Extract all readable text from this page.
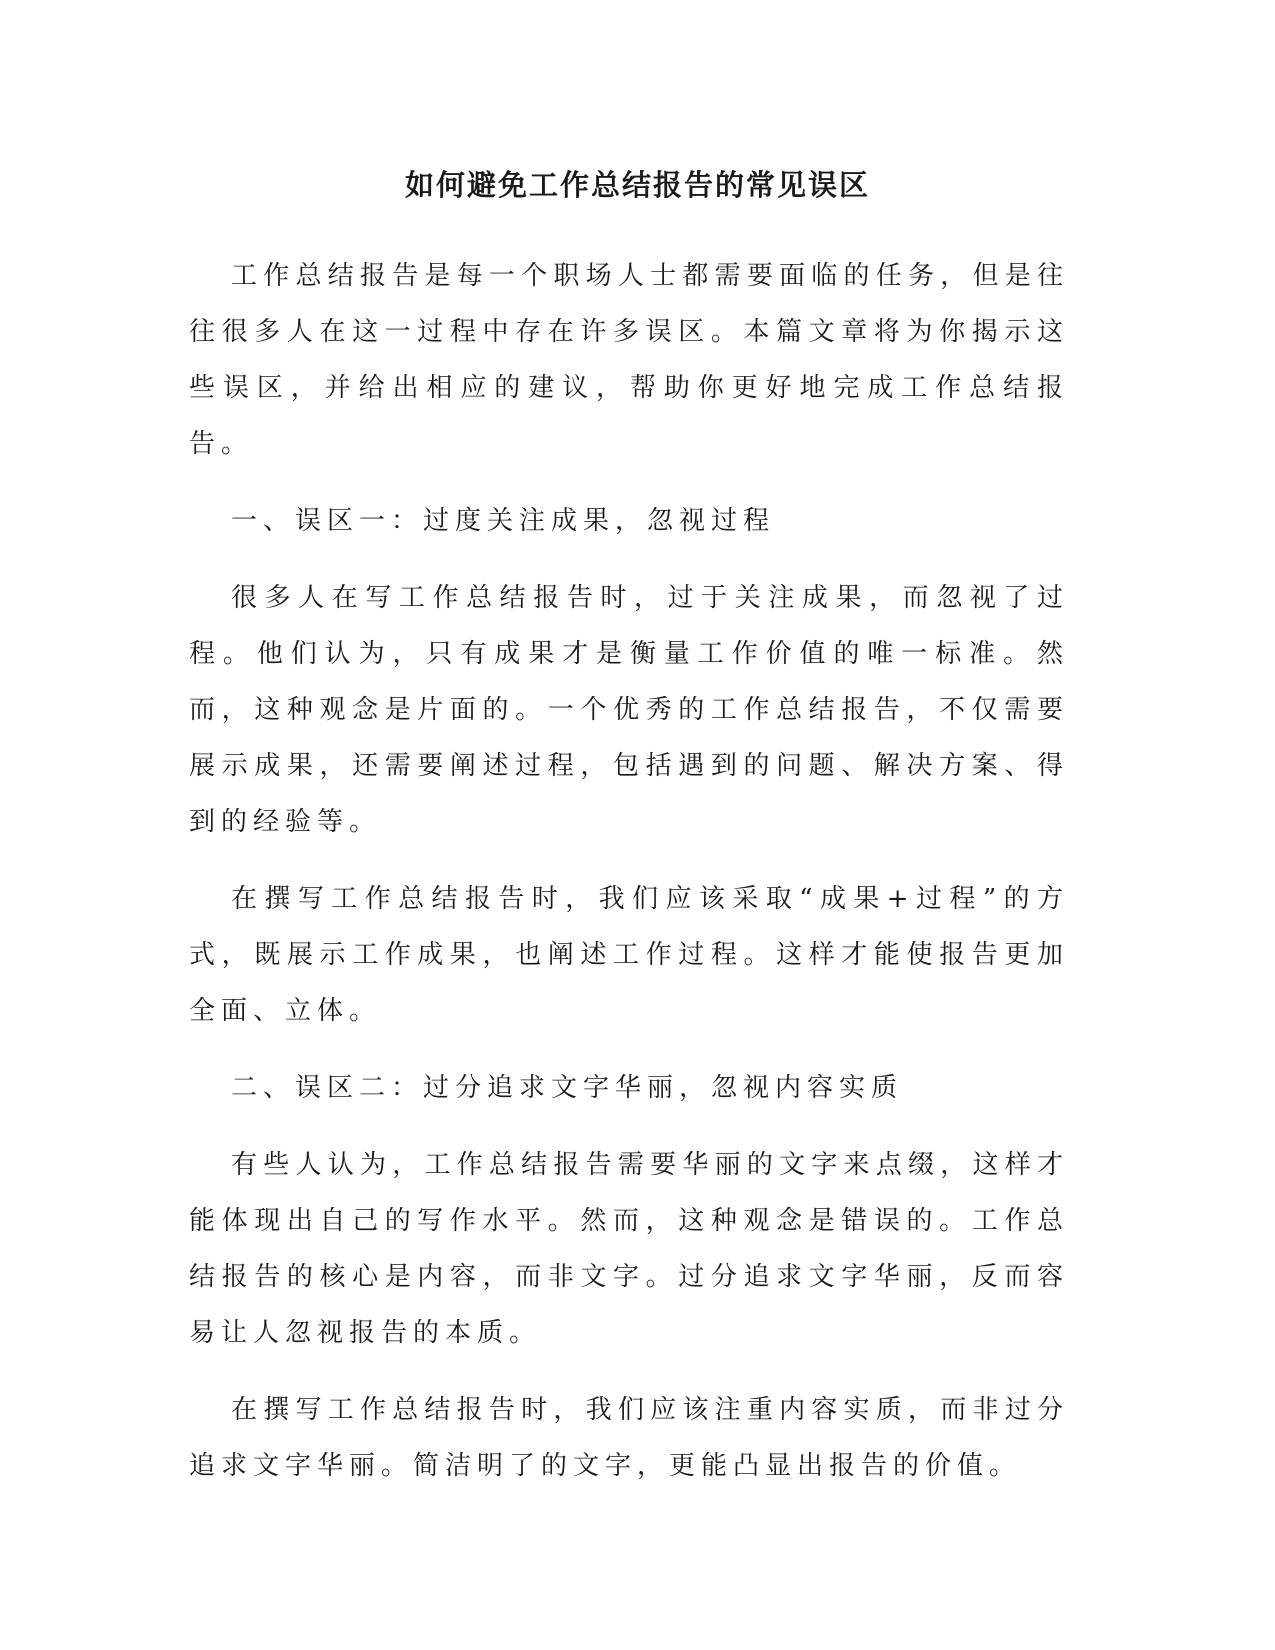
如何避免工作总结报告的常见误区

工作总结报告是每一个职场人士都需要面临的任务，但是往往很多人在这一过程中存在许多误区。本篇文章将为你揭示这些误区，并给出相应的建议，帮助你更好地完成工作总结报告。

一、误区一：过度关注成果，忽视过程

很多人在写工作总结报告时，过于关注成果，而忽视了过程。他们认为，只有成果才是衡量工作价值的唯一标准。然而，这种观念是片面的。一个优秀的工作总结报告，不仅需要展示成果，还需要阐述过程，包括遇到的问题、解决方案、得到的经验等。

在撰写工作总结报告时，我们应该采取“成果+过程”的方式，既展示工作成果，也阐述工作过程。这样才能使报告更加全面、立体。

二、误区二：过分追求文字华丽，忽视内容实质

有些人认为，工作总结报告需要华丽的文字来点缀，这样才能体现出自己的写作水平。然而，这种观念是错误的。工作总结报告的核心是内容，而非文字。过分追求文字华丽，反而容易让人忽视报告的本质。

在撰写工作总结报告时，我们应该注重内容实质，而非过分追求文字华丽。简洁明了的文字，更能凸显出报告的价值。
